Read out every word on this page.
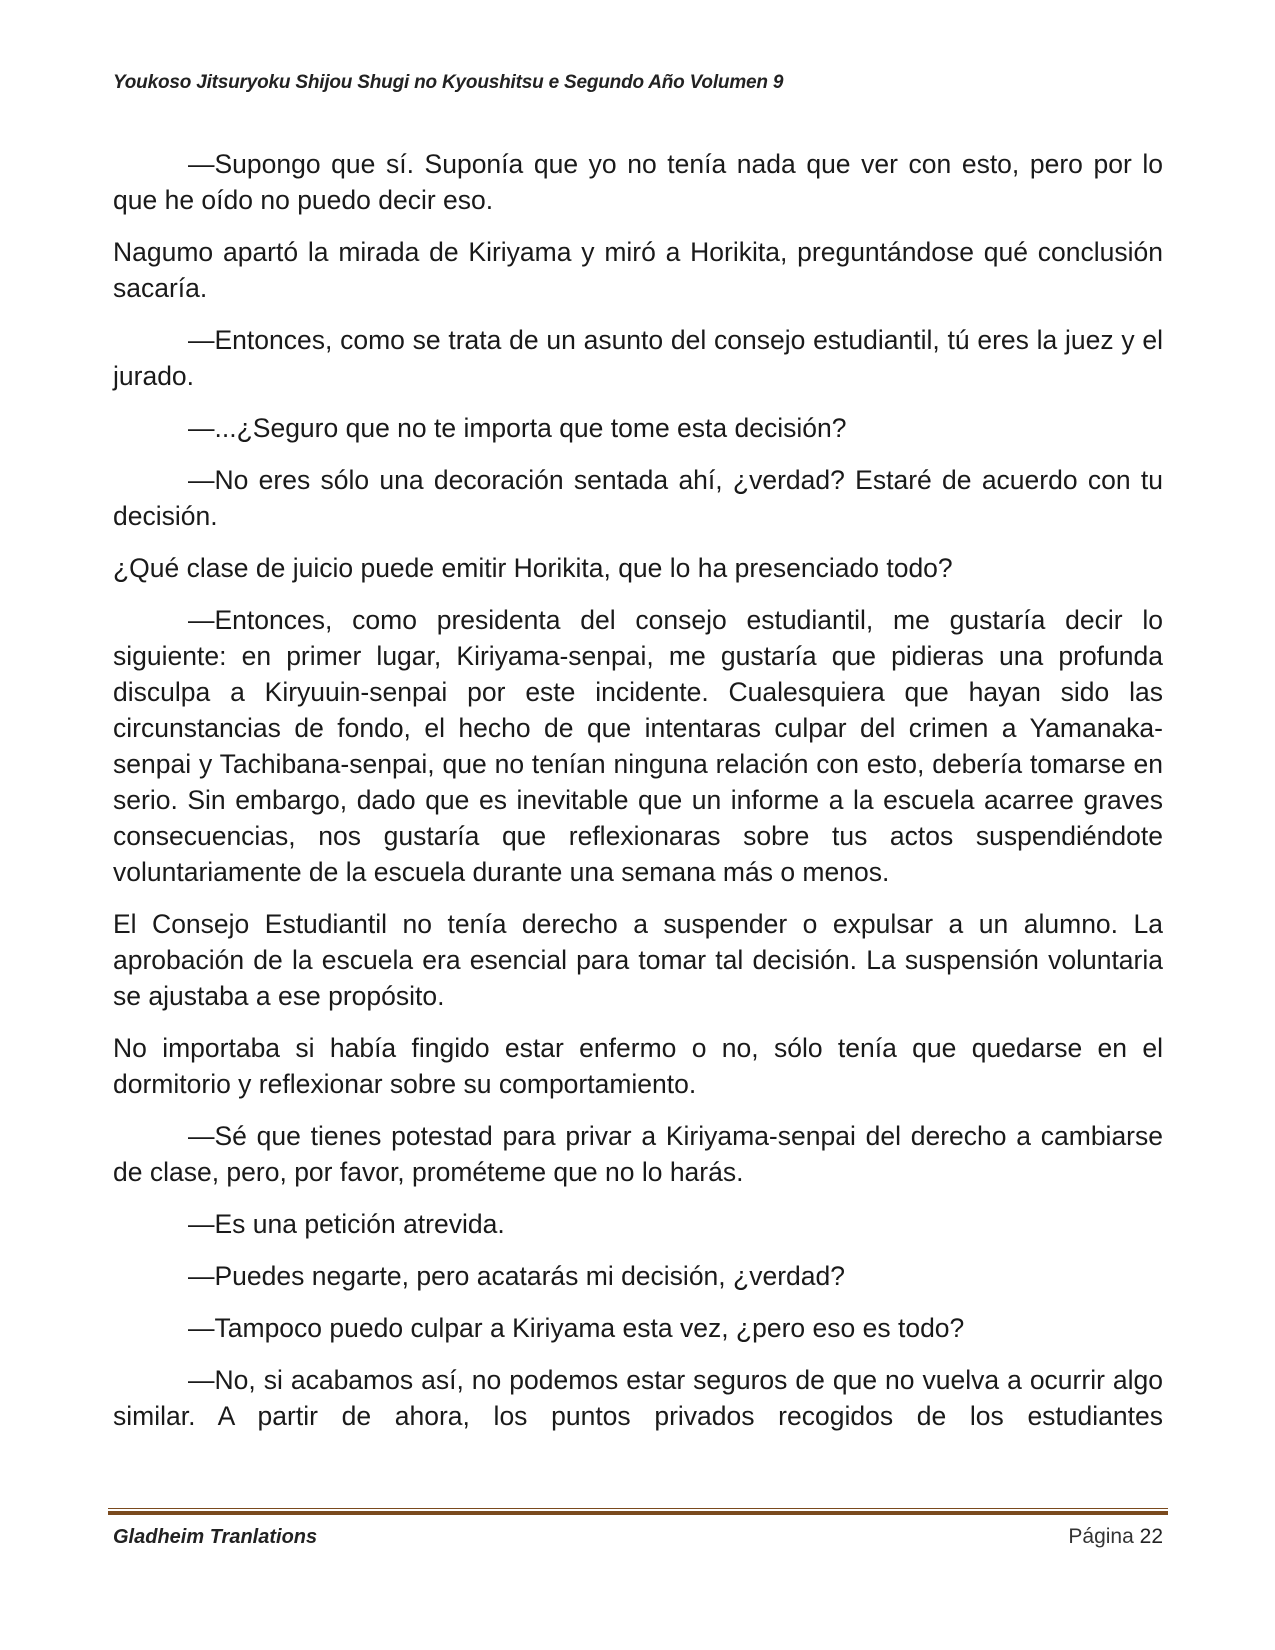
Youkoso Jitsuryoku Shijou Shugi no Kyoushitsu e Segundo Año Volumen 9

—Supongo que sí. Suponía que yo no tenía nada que ver con esto, pero por lo que he oído no puedo decir eso.

Nagumo apartó la mirada de Kiriyama y miró a Horikita, preguntándose qué conclusión sacaría.

—Entonces, como se trata de un asunto del consejo estudiantil, tú eres la juez y el jurado.

—...¿Seguro que no te importa que tome esta decisión?

—No eres sólo una decoración sentada ahí, ¿verdad? Estaré de acuerdo con tu decisión.

¿Qué clase de juicio puede emitir Horikita, que lo ha presenciado todo?

—Entonces, como presidenta del consejo estudiantil, me gustaría decir lo siguiente: en primer lugar, Kiriyama-senpai, me gustaría que pidieras una profunda disculpa a Kiryuuin-senpai por este incidente. Cualesquiera que hayan sido las circunstancias de fondo, el hecho de que intentaras culpar del crimen a Yamanaka-senpai y Tachibana-senpai, que no tenían ninguna relación con esto, debería tomarse en serio. Sin embargo, dado que es inevitable que un informe a la escuela acarree graves consecuencias, nos gustaría que reflexionaras sobre tus actos suspendiéndote voluntariamente de la escuela durante una semana más o menos.

El Consejo Estudiantil no tenía derecho a suspender o expulsar a un alumno. La aprobación de la escuela era esencial para tomar tal decisión. La suspensión voluntaria se ajustaba a ese propósito.

No importaba si había fingido estar enfermo o no, sólo tenía que quedarse en el dormitorio y reflexionar sobre su comportamiento.

—Sé que tienes potestad para privar a Kiriyama-senpai del derecho a cambiarse de clase, pero, por favor, prométeme que no lo harás.

—Es una petición atrevida.

—Puedes negarte, pero acatarás mi decisión, ¿verdad?

—Tampoco puedo culpar a Kiriyama esta vez, ¿pero eso es todo?

—No, si acabamos así, no podemos estar seguros de que no vuelva a ocurrir algo similar. A partir de ahora, los puntos privados recogidos de los estudiantes

Gladheim Tranlations	Página 22
